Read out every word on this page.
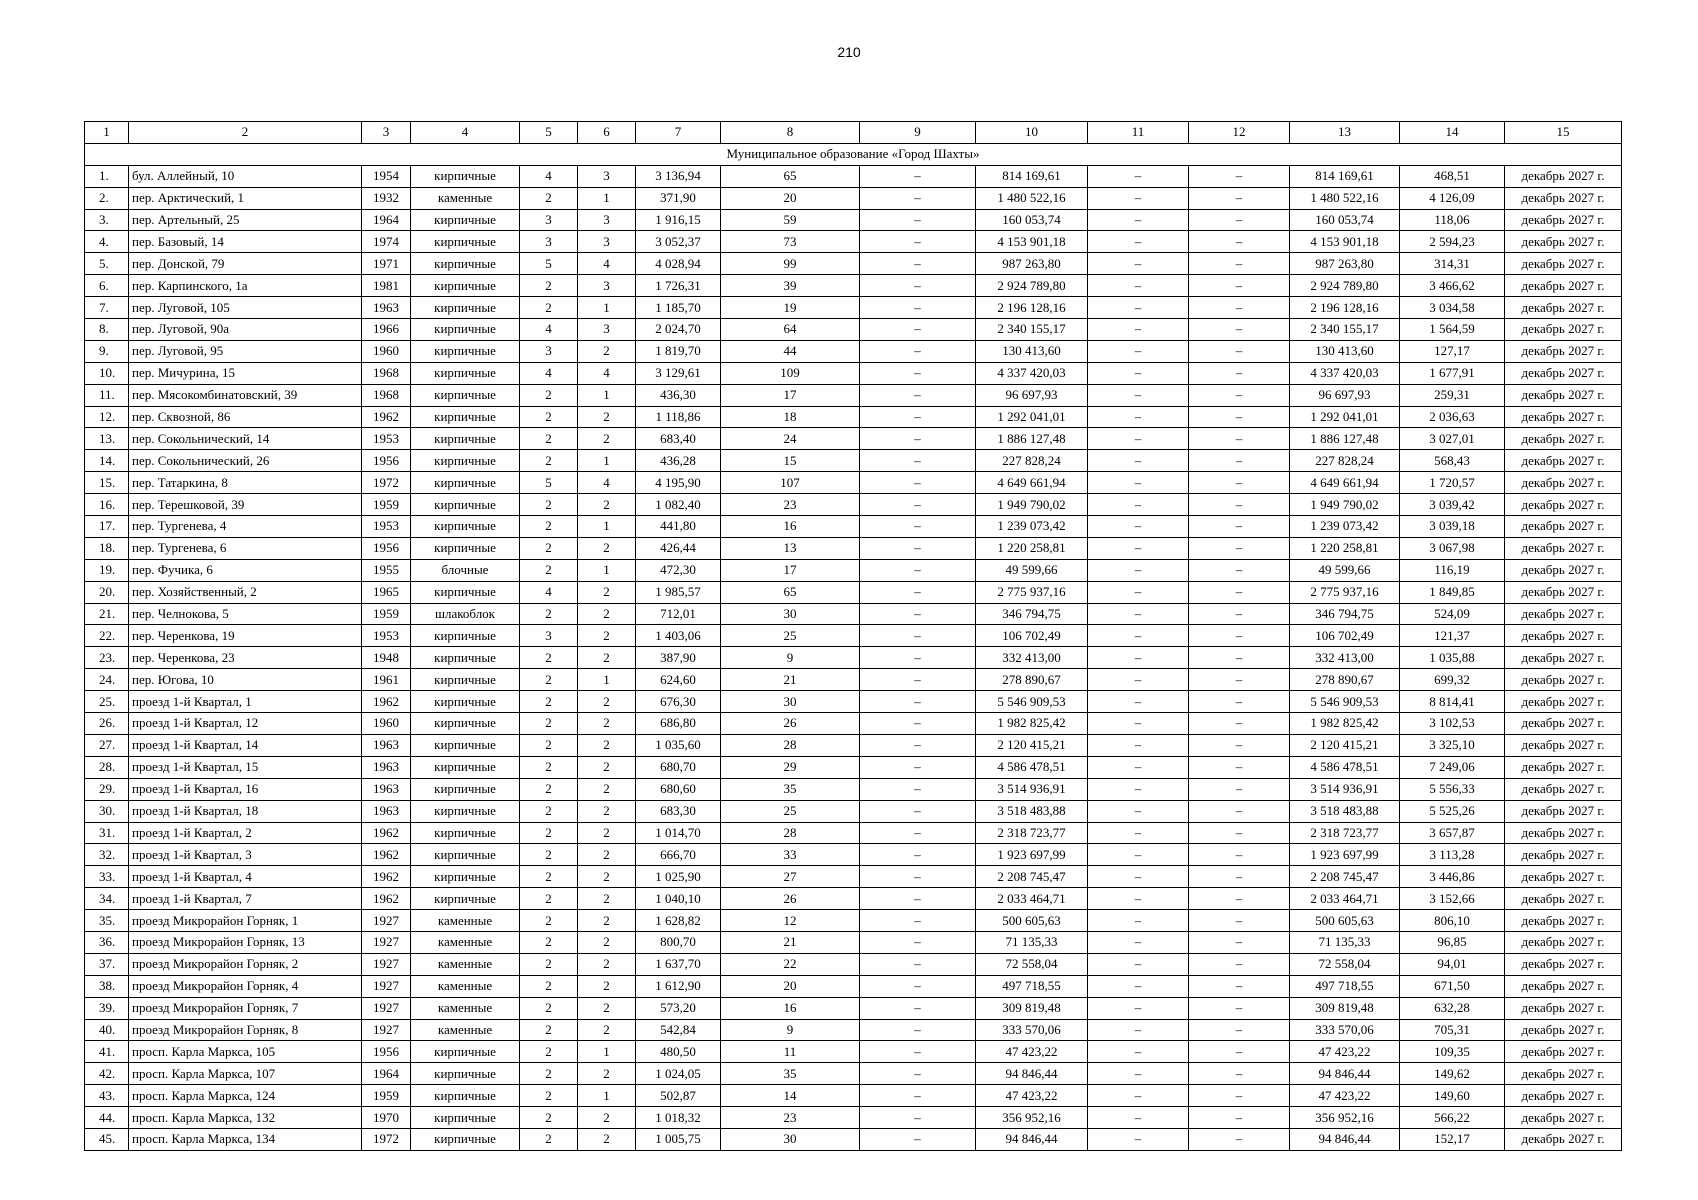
210
1	2	3	4	5	6	7	8	9	10	11	12	13	14	15
Муниципальное образование «Город Шахты»														
1.	бул. Аллейный, 10	1954	кирпичные	4	3	3 136,94	65	–	814 169,61	–	–	814 169,61	468,51	декабрь 2027 г.
2.	пер. Арктический, 1	1932	каменные	2	1	371,90	20	–	1 480 522,16	–	–	1 480 522,16	4 126,09	декабрь 2027 г.
3.	пер. Артельный, 25	1964	кирпичные	3	3	1 916,15	59	–	160 053,74	–	–	160 053,74	118,06	декабрь 2027 г.
4.	пер. Базовый, 14	1974	кирпичные	3	3	3 052,37	73	–	4 153 901,18	–	–	4 153 901,18	2 594,23	декабрь 2027 г.
5.	пер. Донской, 79	1971	кирпичные	5	4	4 028,94	99	–	987 263,80	–	–	987 263,80	314,31	декабрь 2027 г.
6.	пер. Карпинского, 1а	1981	кирпичные	2	3	1 726,31	39	–	2 924 789,80	–	–	2 924 789,80	3 466,62	декабрь 2027 г.
7.	пер. Луговой, 105	1963	кирпичные	2	1	1 185,70	19	–	2 196 128,16	–	–	2 196 128,16	3 034,58	декабрь 2027 г.
8.	пер. Луговой, 90а	1966	кирпичные	4	3	2 024,70	64	–	2 340 155,17	–	–	2 340 155,17	1 564,59	декабрь 2027 г.
9.	пер. Луговой, 95	1960	кирпичные	3	2	1 819,70	44	–	130 413,60	–	–	130 413,60	127,17	декабрь 2027 г.
10.	пер. Мичурина, 15	1968	кирпичные	4	4	3 129,61	109	–	4 337 420,03	–	–	4 337 420,03	1 677,91	декабрь 2027 г.
11.	пер. Мясокомбинатовский, 39	1968	кирпичные	2	1	436,30	17	–	96 697,93	–	–	96 697,93	259,31	декабрь 2027 г.
12.	пер. Сквозной, 86	1962	кирпичные	2	2	1 118,86	18	–	1 292 041,01	–	–	1 292 041,01	2 036,63	декабрь 2027 г.
13.	пер. Сокольнический, 14	1953	кирпичные	2	2	683,40	24	–	1 886 127,48	–	–	1 886 127,48	3 027,01	декабрь 2027 г.
14.	пер. Сокольнический, 26	1956	кирпичные	2	1	436,28	15	–	227 828,24	–	–	227 828,24	568,43	декабрь 2027 г.
15.	пер. Татаркина, 8	1972	кирпичные	5	4	4 195,90	107	–	4 649 661,94	–	–	4 649 661,94	1 720,57	декабрь 2027 г.
16.	пер. Терешковой, 39	1959	кирпичные	2	2	1 082,40	23	–	1 949 790,02	–	–	1 949 790,02	3 039,42	декабрь 2027 г.
17.	пер. Тургенева, 4	1953	кирпичные	2	1	441,80	16	–	1 239 073,42	–	–	1 239 073,42	3 039,18	декабрь 2027 г.
18.	пер. Тургенева, 6	1956	кирпичные	2	2	426,44	13	–	1 220 258,81	–	–	1 220 258,81	3 067,98	декабрь 2027 г.
19.	пер. Фучика, 6	1955	блочные	2	1	472,30	17	–	49 599,66	–	–	49 599,66	116,19	декабрь 2027 г.
20.	пер. Хозяйственный, 2	1965	кирпичные	4	2	1 985,57	65	–	2 775 937,16	–	–	2 775 937,16	1 849,85	декабрь 2027 г.
21.	пер. Челнокова, 5	1959	шлакоблок	2	2	712,01	30	–	346 794,75	–	–	346 794,75	524,09	декабрь 2027 г.
22.	пер. Черенкова, 19	1953	кирпичные	3	2	1 403,06	25	–	106 702,49	–	–	106 702,49	121,37	декабрь 2027 г.
23.	пер. Черенкова, 23	1948	кирпичные	2	2	387,90	9	–	332 413,00	–	–	332 413,00	1 035,88	декабрь 2027 г.
24.	пер. Югова, 10	1961	кирпичные	2	1	624,60	21	–	278 890,67	–	–	278 890,67	699,32	декабрь 2027 г.
25.	проезд 1-й Квартал, 1	1962	кирпичные	2	2	676,30	30	–	5 546 909,53	–	–	5 546 909,53	8 814,41	декабрь 2027 г.
26.	проезд 1-й Квартал, 12	1960	кирпичные	2	2	686,80	26	–	1 982 825,42	–	–	1 982 825,42	3 102,53	декабрь 2027 г.
27.	проезд 1-й Квартал, 14	1963	кирпичные	2	2	1 035,60	28	–	2 120 415,21	–	–	2 120 415,21	3 325,10	декабрь 2027 г.
28.	проезд 1-й Квартал, 15	1963	кирпичные	2	2	680,70	29	–	4 586 478,51	–	–	4 586 478,51	7 249,06	декабрь 2027 г.
29.	проезд 1-й Квартал, 16	1963	кирпичные	2	2	680,60	35	–	3 514 936,91	–	–	3 514 936,91	5 556,33	декабрь 2027 г.
30.	проезд 1-й Квартал, 18	1963	кирпичные	2	2	683,30	25	–	3 518 483,88	–	–	3 518 483,88	5 525,26	декабрь 2027 г.
31.	проезд 1-й Квартал, 2	1962	кирпичные	2	2	1 014,70	28	–	2 318 723,77	–	–	2 318 723,77	3 657,87	декабрь 2027 г.
32.	проезд 1-й Квартал, 3	1962	кирпичные	2	2	666,70	33	–	1 923 697,99	–	–	1 923 697,99	3 113,28	декабрь 2027 г.
33.	проезд 1-й Квартал, 4	1962	кирпичные	2	2	1 025,90	27	–	2 208 745,47	–	–	2 208 745,47	3 446,86	декабрь 2027 г.
34.	проезд 1-й Квартал, 7	1962	кирпичные	2	2	1 040,10	26	–	2 033 464,71	–	–	2 033 464,71	3 152,66	декабрь 2027 г.
35.	проезд Микрорайон Горняк, 1	1927	каменные	2	2	1 628,82	12	–	500 605,63	–	–	500 605,63	806,10	декабрь 2027 г.
36.	проезд Микрорайон Горняк, 13	1927	каменные	2	2	800,70	21	–	71 135,33	–	–	71 135,33	96,85	декабрь 2027 г.
37.	проезд Микрорайон Горняк, 2	1927	каменные	2	2	1 637,70	22	–	72 558,04	–	–	72 558,04	94,01	декабрь 2027 г.
38.	проезд Микрорайон Горняк, 4	1927	каменные	2	2	1 612,90	20	–	497 718,55	–	–	497 718,55	671,50	декабрь 2027 г.
39.	проезд Микрорайон Горняк, 7	1927	каменные	2	2	573,20	16	–	309 819,48	–	–	309 819,48	632,28	декабрь 2027 г.
40.	проезд Микрорайон Горняк, 8	1927	каменные	2	2	542,84	9	–	333 570,06	–	–	333 570,06	705,31	декабрь 2027 г.
41.	просп. Карла Маркса, 105	1956	кирпичные	2	1	480,50	11	–	47 423,22	–	–	47 423,22	109,35	декабрь 2027 г.
42.	просп. Карла Маркса, 107	1964	кирпичные	2	2	1 024,05	35	–	94 846,44	–	–	94 846,44	149,62	декабрь 2027 г.
43.	просп. Карла Маркса, 124	1959	кирпичные	2	1	502,87	14	–	47 423,22	–	–	47 423,22	149,60	декабрь 2027 г.
44.	просп. Карла Маркса, 132	1970	кирпичные	2	2	1 018,32	23	–	356 952,16	–	–	356 952,16	566,22	декабрь 2027 г.
45.	просп. Карла Маркса, 134	1972	кирпичные	2	2	1 005,75	30	–	94 846,44	–	–	94 846,44	152,17	декабрь 2027 г.
